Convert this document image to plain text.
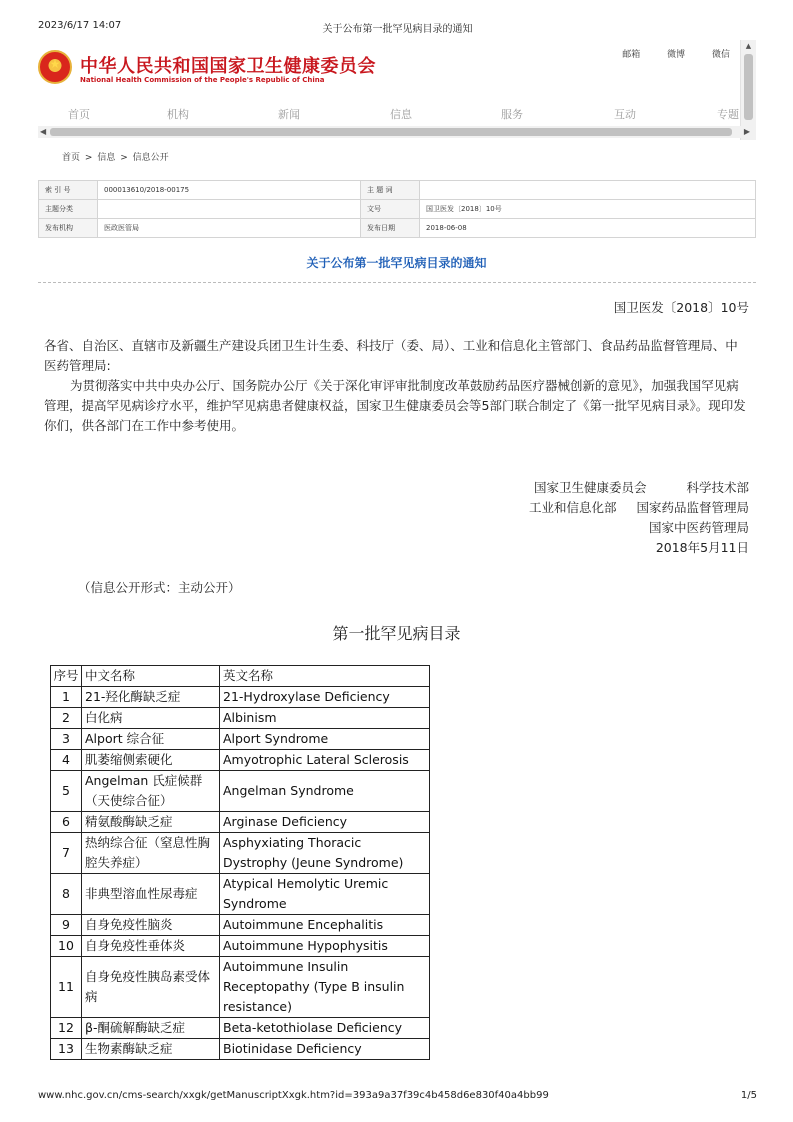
2023/6/17 14:07	关于公布第一批罕见病目录的通知
★	中华人民共和国国家卫生健康委员会
National Health Commission of the People's Republic of China
邮箱	微博	微信
▲
首页	机构	新闻	信息	服务	互动	专题
◀	▶
首页 > 信息 > 信息公开
索 引 号	000013610/2018-00175	主 题 词	
主题分类		文号	国卫医发〔2018〕10号
发布机构	医政医管局	发布日期	2018-06-08
关于公布第一批罕见病目录的通知
国卫医发〔2018〕10号
各省、自治区、直辖市及新疆生产建设兵团卫生计生委、科技厅（委、局）、工业和信息化主管部门、食品药品监督管理局、中医药管理局:
为贯彻落实中共中央办公厅、国务院办公厅《关于深化审评审批制度改革鼓励药品医疗器械创新的意见》，加强我国罕见病管理，提高罕见病诊疗水平，维护罕见病患者健康权益，国家卫生健康委员会等5部门联合制定了《第一批罕见病目录》。现印发你们，供各部门在工作中参考使用。
国家卫生健康委员会	科学技术部
工业和信息化部 国家药品监督管理局
国家中医药管理局
2018年5月11日
（信息公开形式：主动公开）
第一批罕见病目录
序号	中文名称	英文名称
1	21-羟化酶缺乏症	21-Hydroxylase Deficiency
2	白化病	Albinism
3	Alport 综合征	Alport Syndrome
4	肌萎缩侧索硬化	Amyotrophic Lateral Sclerosis
5	Angelman 氏症候群（天使综合征）	Angelman Syndrome
6	精氨酸酶缺乏症	Arginase Deficiency
7	热纳综合征（窒息性胸腔失养症）	Asphyxiating Thoracic Dystrophy (Jeune Syndrome)
8	非典型溶血性尿毒症	Atypical Hemolytic Uremic Syndrome
9	自身免疫性脑炎	Autoimmune Encephalitis
10	自身免疫性垂体炎	Autoimmune Hypophysitis
11	自身免疫性胰岛素受体病	Autoimmune Insulin Receptopathy (Type B insulin resistance)
12	β-酮硫解酶缺乏症	Beta-ketothiolase Deficiency
13	生物素酶缺乏症	Biotinidase Deficiency
www.nhc.gov.cn/cms-search/xxgk/getManuscriptXxgk.htm?id=393a9a37f39c4b458d6e830f40a4bb99	1/5
